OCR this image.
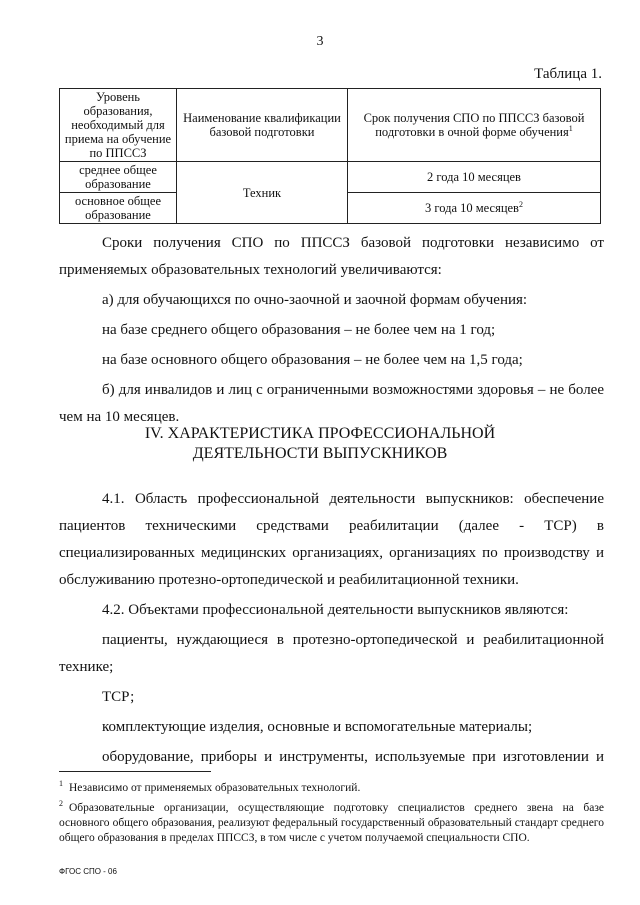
3
Таблица 1.
Уровень образования, необходимый для приема на обучение по ППССЗ	Наименование квалификации базовой подготовки	Срок получения СПО по ППССЗ базовой подготовки в очной форме обучения$^1$
среднее общее образование	Техник	2 года 10 месяцев
основное общее образование		3 года 10 месяцев$^2$

Сроки получения СПО по ППССЗ базовой подготовки независимо от применяемых образовательных технологий увеличиваются:

а) для обучающихся по очно-заочной и заочной формам обучения:

на базе среднего общего образования – не более чем на 1 год;

на базе основного общего образования – не более чем на 1,5 года;

б) для инвалидов и лиц с ограниченными возможностями здоровья – не более чем на 10 месяцев.

IV. ХАРАКТЕРИСТИКА ПРОФЕССИОНАЛЬНОЙ
ДЕЯТЕЛЬНОСТИ ВЫПУСКНИКОВ

4.1. Область профессиональной деятельности выпускников: обеспечение пациентов техническими средствами реабилитации (далее - ТСР) в специализированных медицинских организациях, организациях по производству и обслуживанию протезно-ортопедической и реабилитационной техники.

4.2. Объектами профессиональной деятельности выпускников являются:

пациенты, нуждающиеся в протезно-ортопедической и реабилитационной технике;

ТСР;

комплектующие изделия, основные и вспомогательные материалы;

оборудование, приборы и инструменты, используемые при изготовлении и

$^1$ Независимо от применяемых образовательных технологий.

$^2$ Образовательные организации, осуществляющие подготовку специалистов среднего звена на базе основного общего образования, реализуют федеральный государственный образовательный стандарт среднего общего образования в пределах ППССЗ, в том числе с учетом получаемой специальности СПО.

ФГОС СПО - 06
